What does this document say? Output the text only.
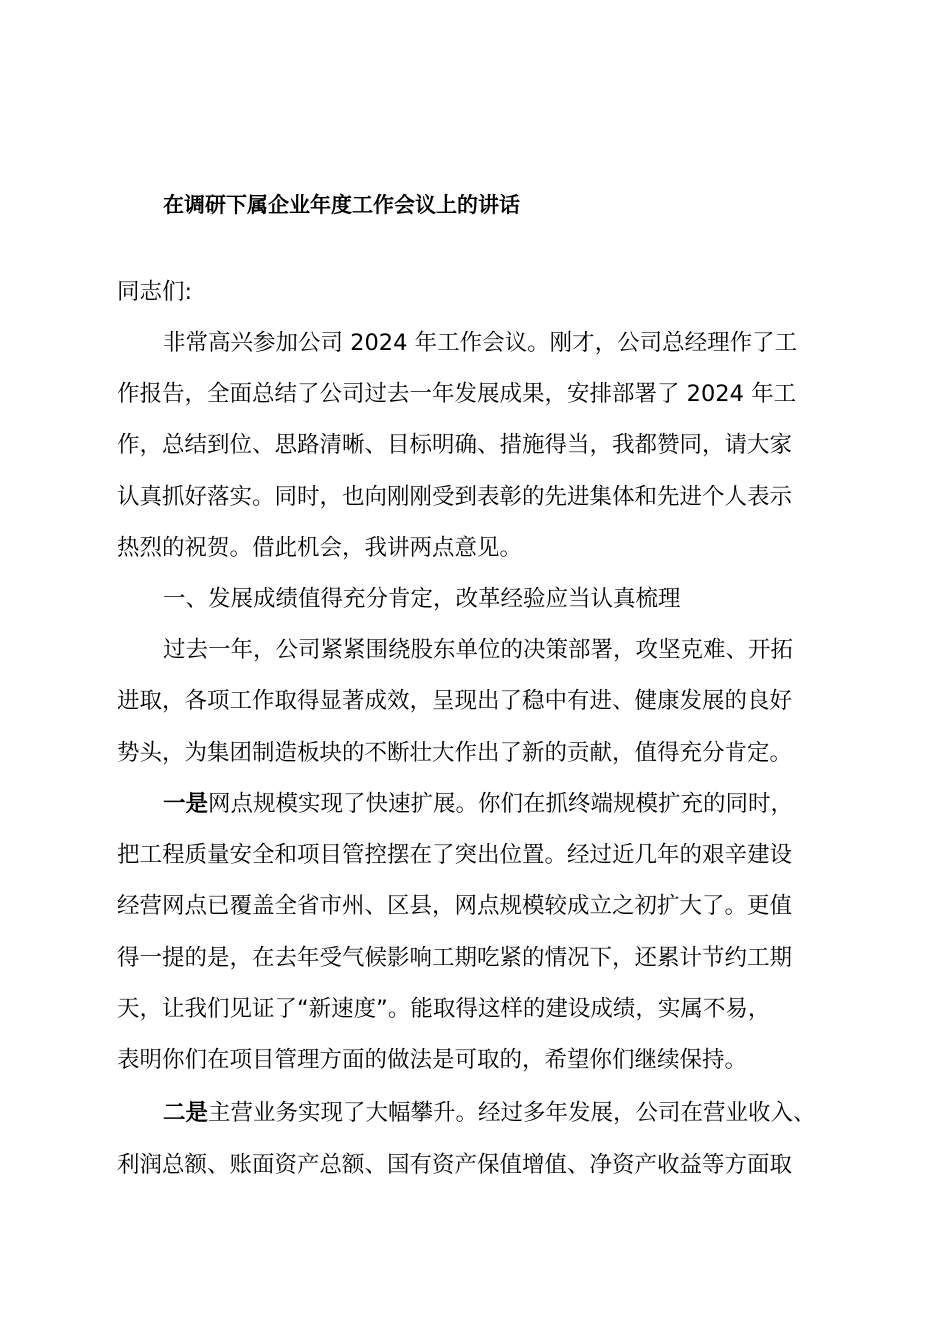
在调研下属企业年度工作会议上的讲话
同志们:
非常高兴参加公司 2024 年工作会议。刚才，公司总经理作了工
作报告，全面总结了公司过去一年发展成果，安排部署了 2024 年工
作，总结到位、思路清晰、目标明确、措施得当，我都赞同，请大家
认真抓好落实。同时，也向刚刚受到表彰的先进集体和先进个人表示
热烈的祝贺。借此机会，我讲两点意见。
一、发展成绩值得充分肯定，改革经验应当认真梳理
过去一年，公司紧紧围绕股东单位的决策部署，攻坚克难、开拓
进取，各项工作取得显著成效，呈现出了稳中有进、健康发展的良好
势头，为集团制造板块的不断壮大作出了新的贡献，值得充分肯定。
一是网点规模实现了快速扩展。你们在抓终端规模扩充的同时，
把工程质量安全和项目管控摆在了突出位置。经过近几年的艰辛建设
经营网点已覆盖全省市州、区县，网点规模较成立之初扩大了。更值
得一提的是，在去年受气候影响工期吃紧的情况下，还累计节约工期
天，让我们见证了“新速度”。能取得这样的建设成绩，实属不易，
表明你们在项目管理方面的做法是可取的，希望你们继续保持。
二是主营业务实现了大幅攀升。经过多年发展，公司在营业收入、
利润总额、账面资产总额、国有资产保值增值、净资产收益等方面取
